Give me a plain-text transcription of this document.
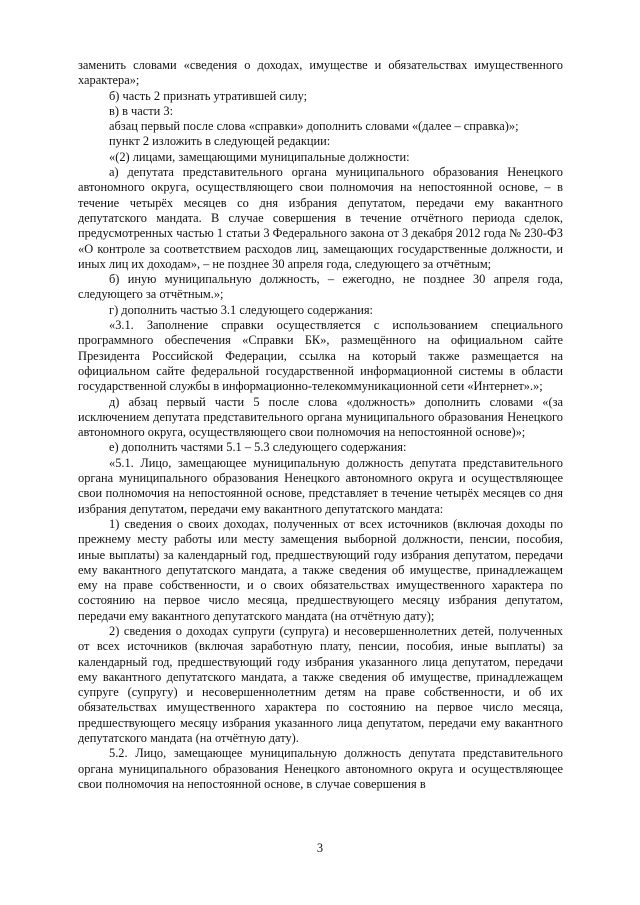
заменить словами «сведения о доходах, имуществе и обязательствах имущественного характера»;

б) часть 2 признать утратившей силу;

в) в части 3:

абзац первый после слова «справки» дополнить словами «(далее – справка)»;

пункт 2 изложить в следующей редакции:

«(2) лицами, замещающими муниципальные должности:

а) депутата представительного органа муниципального образования Ненецкого автономного округа, осуществляющего свои полномочия на непостоянной основе, – в течение четырёх месяцев со дня избрания депутатом, передачи ему вакантного депутатского мандата. В случае совершения в течение отчётного периода сделок, предусмотренных частью 1 статьи 3 Федерального закона от 3 декабря 2012 года № 230-ФЗ «О контроле за соответствием расходов лиц, замещающих государственные должности, и иных лиц их доходам», – не позднее 30 апреля года, следующего за отчётным;

б) иную муниципальную должность, – ежегодно, не позднее 30 апреля года, следующего за отчётным.»;

г) дополнить частью 3.1 следующего содержания:

«3.1. Заполнение справки осуществляется с использованием специального программного обеспечения «Справки БК», размещённого на официальном сайте Президента Российской Федерации, ссылка на который также размещается на официальном сайте федеральной государственной информационной системы в области государственной службы в информационно-телекоммуникационной сети «Интернет».»;

д) абзац первый части 5 после слова «должность» дополнить словами «(за исключением депутата представительного органа муниципального образования Ненецкого автономного округа, осуществляющего свои полномочия на непостоянной основе)»;

е) дополнить частями 5.1 – 5.3 следующего содержания:

«5.1. Лицо, замещающее муниципальную должность депутата представительного органа муниципального образования Ненецкого автономного округа и осуществляющее свои полномочия на непостоянной основе, представляет в течение четырёх месяцев со дня избрания депутатом, передачи ему вакантного депутатского мандата:

1) сведения о своих доходах, полученных от всех источников (включая доходы по прежнему месту работы или месту замещения выборной должности, пенсии, пособия, иные выплаты) за календарный год, предшествующий году избрания депутатом, передачи ему вакантного депутатского мандата, а также сведения об имуществе, принадлежащем ему на праве собственности, и о своих обязательствах имущественного характера по состоянию на первое число месяца, предшествующего месяцу избрания депутатом, передачи ему вакантного депутатского мандата (на отчётную дату);

2) сведения о доходах супруги (супруга) и несовершеннолетних детей, полученных от всех источников (включая заработную плату, пенсии, пособия, иные выплаты) за календарный год, предшествующий году избрания указанного лица депутатом, передачи ему вакантного депутатского мандата, а также сведения об имуществе, принадлежащем супруге (супругу) и несовершеннолетним детям на праве собственности, и об их обязательствах имущественного характера по состоянию на первое число месяца, предшествующего месяцу избрания указанного лица депутатом, передачи ему вакантного депутатского мандата (на отчётную дату).

5.2. Лицо, замещающее муниципальную должность депутата представительного органа муниципального образования Ненецкого автономного округа и осуществляющее свои полномочия на непостоянной основе, в случае совершения в

3
